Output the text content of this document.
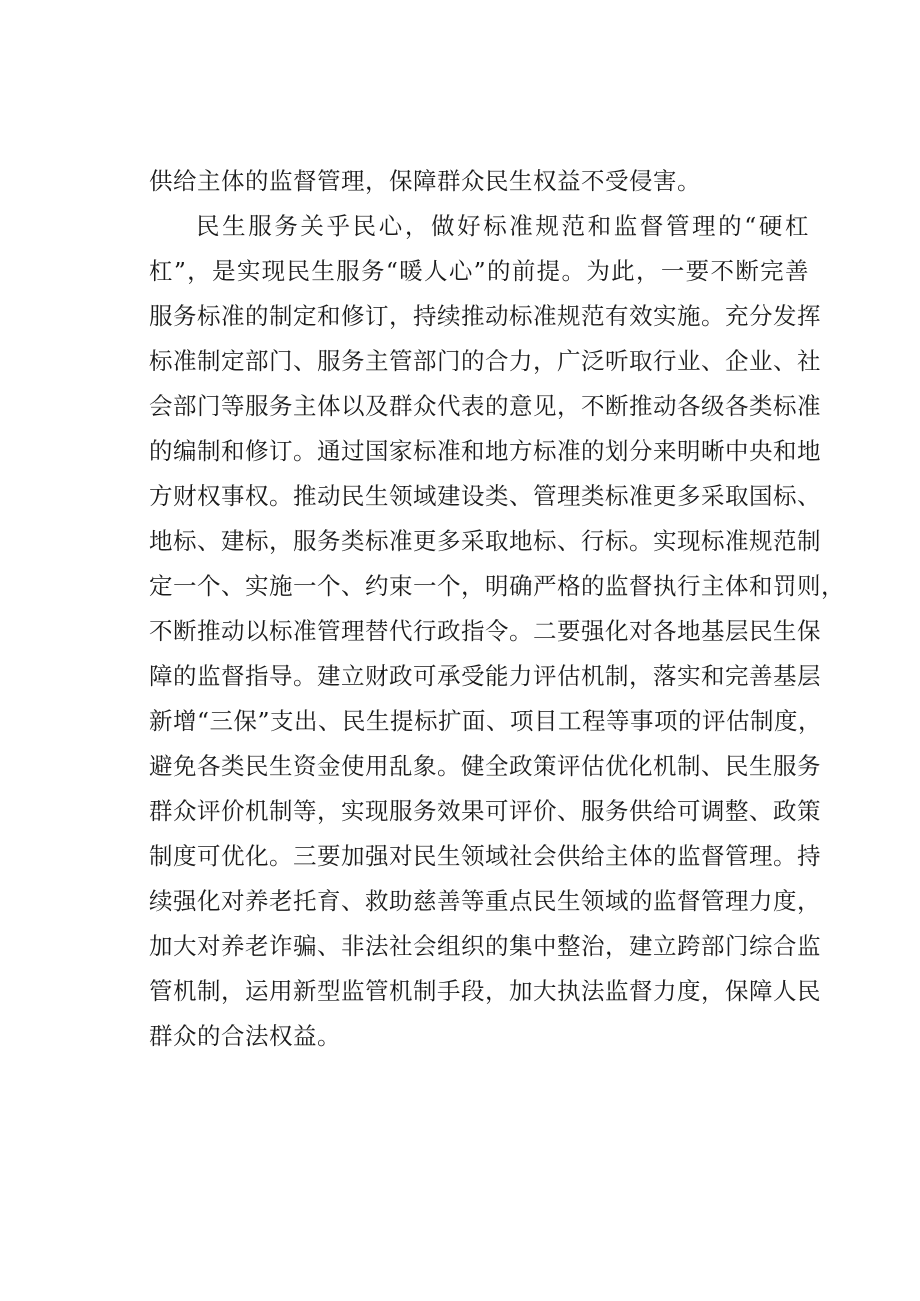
供给主体的监督管理，保障群众民生权益不受侵害。
民生服务关乎民心，做好标准规范和监督管理的“硬杠
杠”，是实现民生服务“暖人心”的前提。为此，一要不断完善
服务标准的制定和修订，持续推动标准规范有效实施。充分发挥
标准制定部门、服务主管部门的合力，广泛听取行业、企业、社
会部门等服务主体以及群众代表的意见，不断推动各级各类标准
的编制和修订。通过国家标准和地方标准的划分来明晰中央和地
方财权事权。推动民生领域建设类、管理类标准更多采取国标、
地标、建标，服务类标准更多采取地标、行标。实现标准规范制
定一个、实施一个、约束一个，明确严格的监督执行主体和罚则，
不断推动以标准管理替代行政指令。二要强化对各地基层民生保
障的监督指导。建立财政可承受能力评估机制，落实和完善基层
新增“三保”支出、民生提标扩面、项目工程等事项的评估制度，
避免各类民生资金使用乱象。健全政策评估优化机制、民生服务
群众评价机制等，实现服务效果可评价、服务供给可调整、政策
制度可优化。三要加强对民生领域社会供给主体的监督管理。持
续强化对养老托育、救助慈善等重点民生领域的监督管理力度，
加大对养老诈骗、非法社会组织的集中整治，建立跨部门综合监
管机制，运用新型监管机制手段，加大执法监督力度，保障人民
群众的合法权益。
